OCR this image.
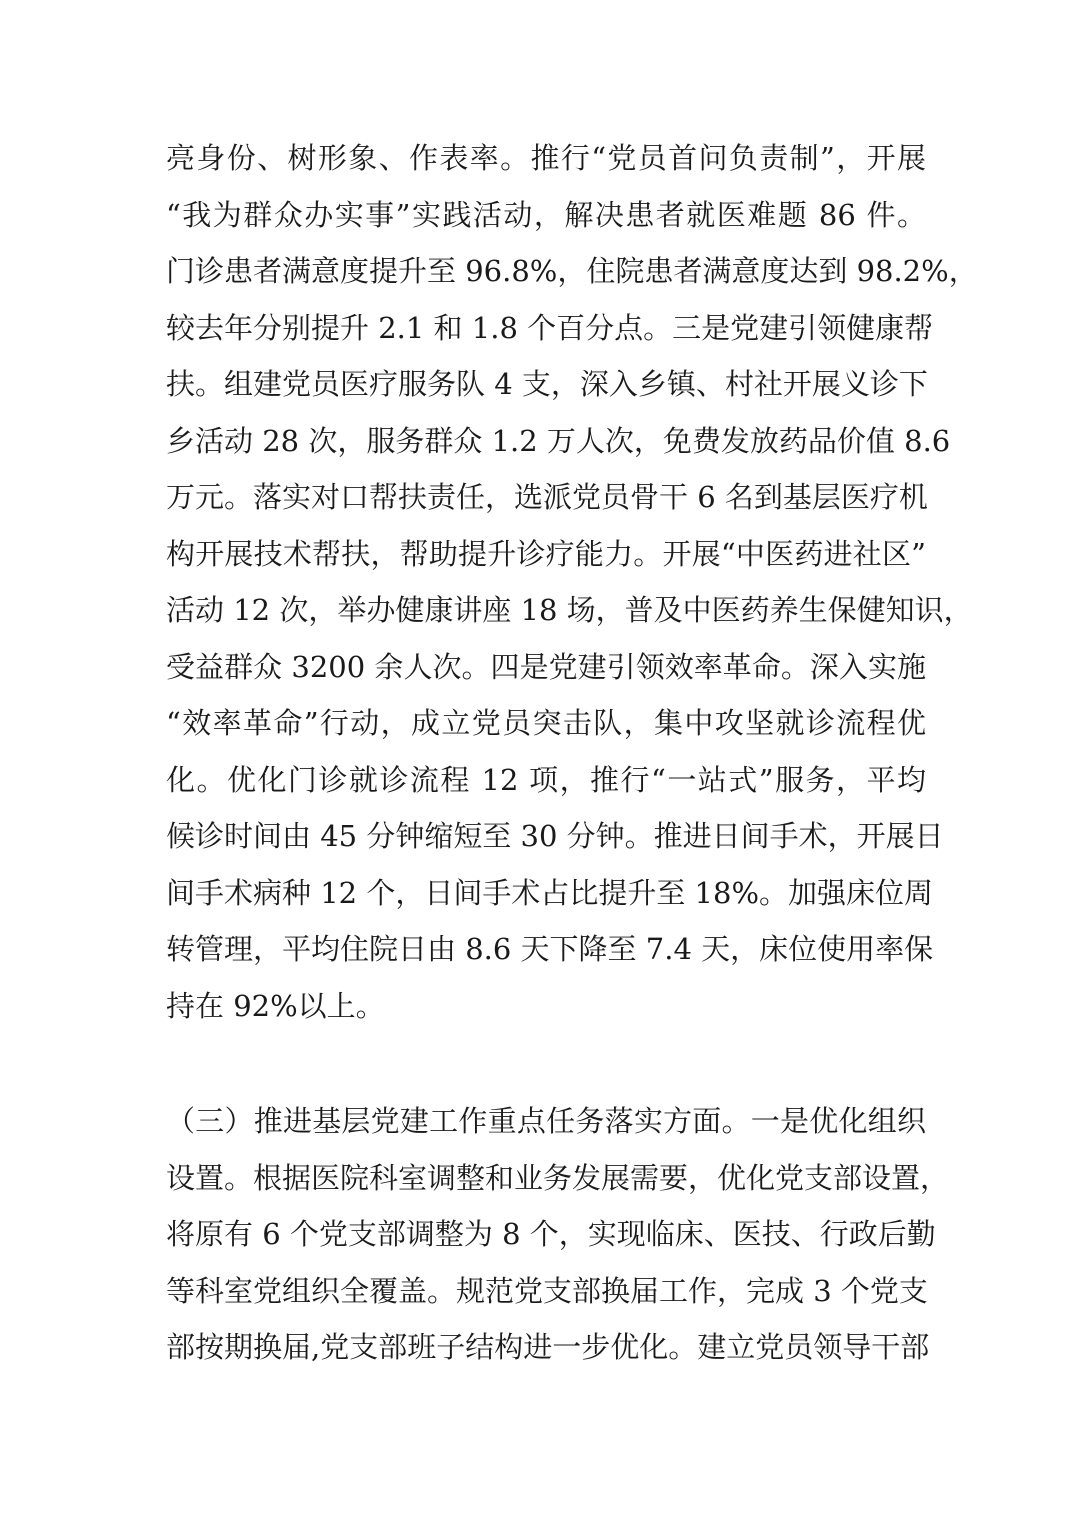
亮身份、树形象、作表率。推行“党员首问负责制”，开展
“我为群众办实事”实践活动，解决患者就医难题 86 件。
门诊患者满意度提升至 96.8%，住院患者满意度达到 98.2%，
较去年分别提升 2.1 和 1.8 个百分点。三是党建引领健康帮
扶。组建党员医疗服务队 4 支，深入乡镇、村社开展义诊下
乡活动 28 次，服务群众 1.2 万人次，免费发放药品价值 8.6
万元。落实对口帮扶责任，选派党员骨干 6 名到基层医疗机
构开展技术帮扶，帮助提升诊疗能力。开展“中医药进社区”
活动 12 次，举办健康讲座 18 场，普及中医药养生保健知识，
受益群众 3200 余人次。四是党建引领效率革命。深入实施
“效率革命”行动，成立党员突击队，集中攻坚就诊流程优
化。优化门诊就诊流程 12 项，推行“一站式”服务，平均
候诊时间由 45 分钟缩短至 30 分钟。推进日间手术，开展日
间手术病种 12 个，日间手术占比提升至 18%。加强床位周
转管理，平均住院日由 8.6 天下降至 7.4 天，床位使用率保
持在 92%以上。
（三）推进基层党建工作重点任务落实方面。一是优化组织
设置。根据医院科室调整和业务发展需要，优化党支部设置，
将原有 6 个党支部调整为 8 个，实现临床、医技、行政后勤
等科室党组织全覆盖。规范党支部换届工作，完成 3 个党支
部按期换届,党支部班子结构进一步优化。建立党员领导干部
